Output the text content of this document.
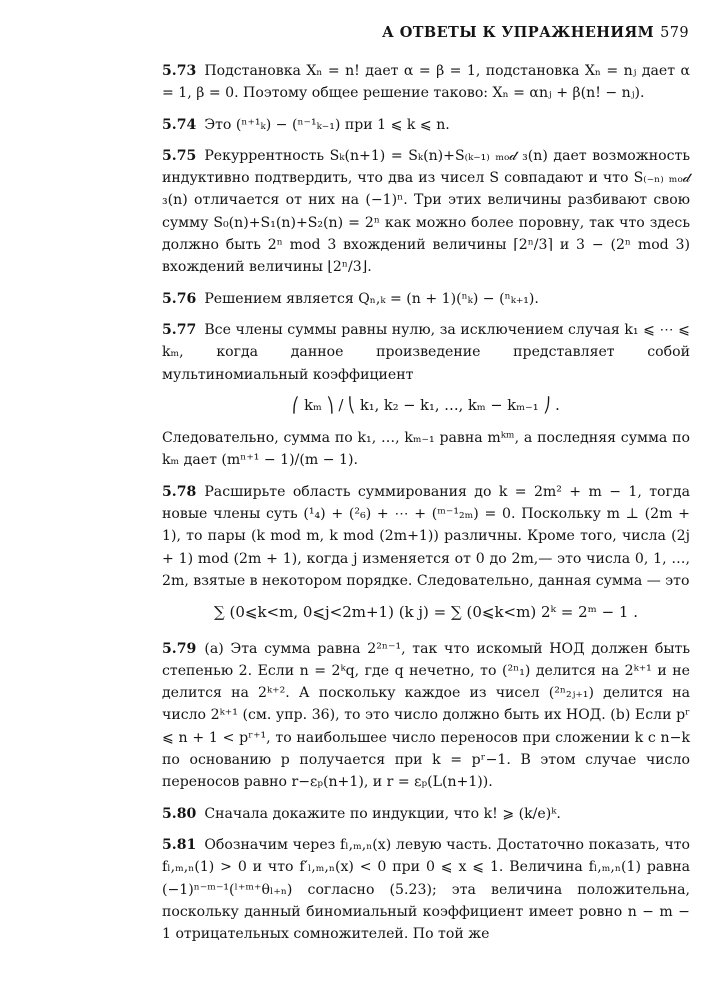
А ОТВЕТЫ К УПРАЖНЕНИЯМ 579

5.73 Подстановка Xₙ = n! дает α = β = 1, подстановка Xₙ = nⱼ дает α = 1, β = 0. Поэтому общее решение таково: Xₙ = αnⱼ + β(n! − nⱼ).

5.74 Это (ⁿ⁺¹ₖ) − (ⁿ⁻¹ₖ₋₁) при 1 ⩽ k ⩽ n.

5.75 Рекуррентность Sₖ(n+1) = Sₖ(n)+S₍ₖ₋₁₎ ₘₒ𝒹 ₃(n) дает возможность индуктивно подтвердить, что два из чисел S совпадают и что S₍₋ₙ₎ ₘₒ𝒹 ₃(n) отличается от них на (−1)ⁿ. Три этих величины разбивают свою сумму S₀(n)+S₁(n)+S₂(n) = 2ⁿ как можно более поровну, так что здесь должно быть 2ⁿ mod 3 вхождений величины ⌈2ⁿ/3⌉ и 3 − (2ⁿ mod 3) вхождений величины ⌊2ⁿ/3⌋.

5.76 Решением является Qₙ,ₖ = (n + 1)(ⁿₖ) − (ⁿₖ₊₁).

5.77 Все члены суммы равны нулю, за исключением случая k₁ ⩽ ⋯ ⩽ kₘ, когда данное произведение представляет собой мультиномиальный коэффициент

⎛ kₘ ⎞ / ⎝ k₁, k₂ − k₁, …, kₘ − kₘ₋₁ ⎠ .

Следовательно, сумма по k₁, …, kₘ₋₁ равна mᵏᵐ, а последняя сумма по kₘ дает (mⁿ⁺¹ − 1)/(m − 1).

5.78 Расширьте область суммирования до k = 2m² + m − 1, тогда новые члены суть (¹₄) + (²₆) + ⋯ + (ᵐ⁻¹₂ₘ) = 0. Поскольку m ⊥ (2m + 1), то пары (k mod m, k mod (2m+1)) различны. Кроме того, числа (2j + 1) mod (2m + 1), когда j изменяется от 0 до 2m,— это числа 0, 1, …, 2m, взятые в некотором порядке. Следовательно, данная сумма — это

∑ (0⩽k<m, 0⩽j<2m+1) (k j) = ∑ (0⩽k<m) 2ᵏ = 2ᵐ − 1 .

5.79 (a) Эта сумма равна 2²ⁿ⁻¹, так что искомый НОД должен быть степенью 2. Если n = 2ᵏq, где q нечетно, то (²ⁿ₁) делится на 2ᵏ⁺¹ и не делится на 2ᵏ⁺². А поскольку каждое из чисел (²ⁿ₂ⱼ₊₁) делится на число 2ᵏ⁺¹ (см. упр. 36), то это число должно быть их НОД. (b) Если pʳ ⩽ n + 1 < pʳ⁺¹, то наибольшее число переносов при сложении k с n−k по основанию p получается при k = pʳ−1. В этом случае число переносов равно r−εₚ(n+1), и r = εₚ(L(n+1)).

5.80 Сначала докажите по индукции, что k! ⩾ (k/e)ᵏ.

5.81 Обозначим через fₗ,ₘ,ₙ(x) левую часть. Достаточно показать, что fₗ,ₘ,ₙ(1) > 0 и что f′ₗ,ₘ,ₙ(x) < 0 при 0 ⩽ x ⩽ 1. Величина fₗ,ₘ,ₙ(1) равна (−1)ⁿ⁻ᵐ⁻¹(ˡ⁺ᵐ⁺θₗ₊ₙ) согласно (5.23); эта величина положительна, поскольку данный биномиальный коэффициент имеет ровно n − m − 1 отрицательных сомножителей. По той же
